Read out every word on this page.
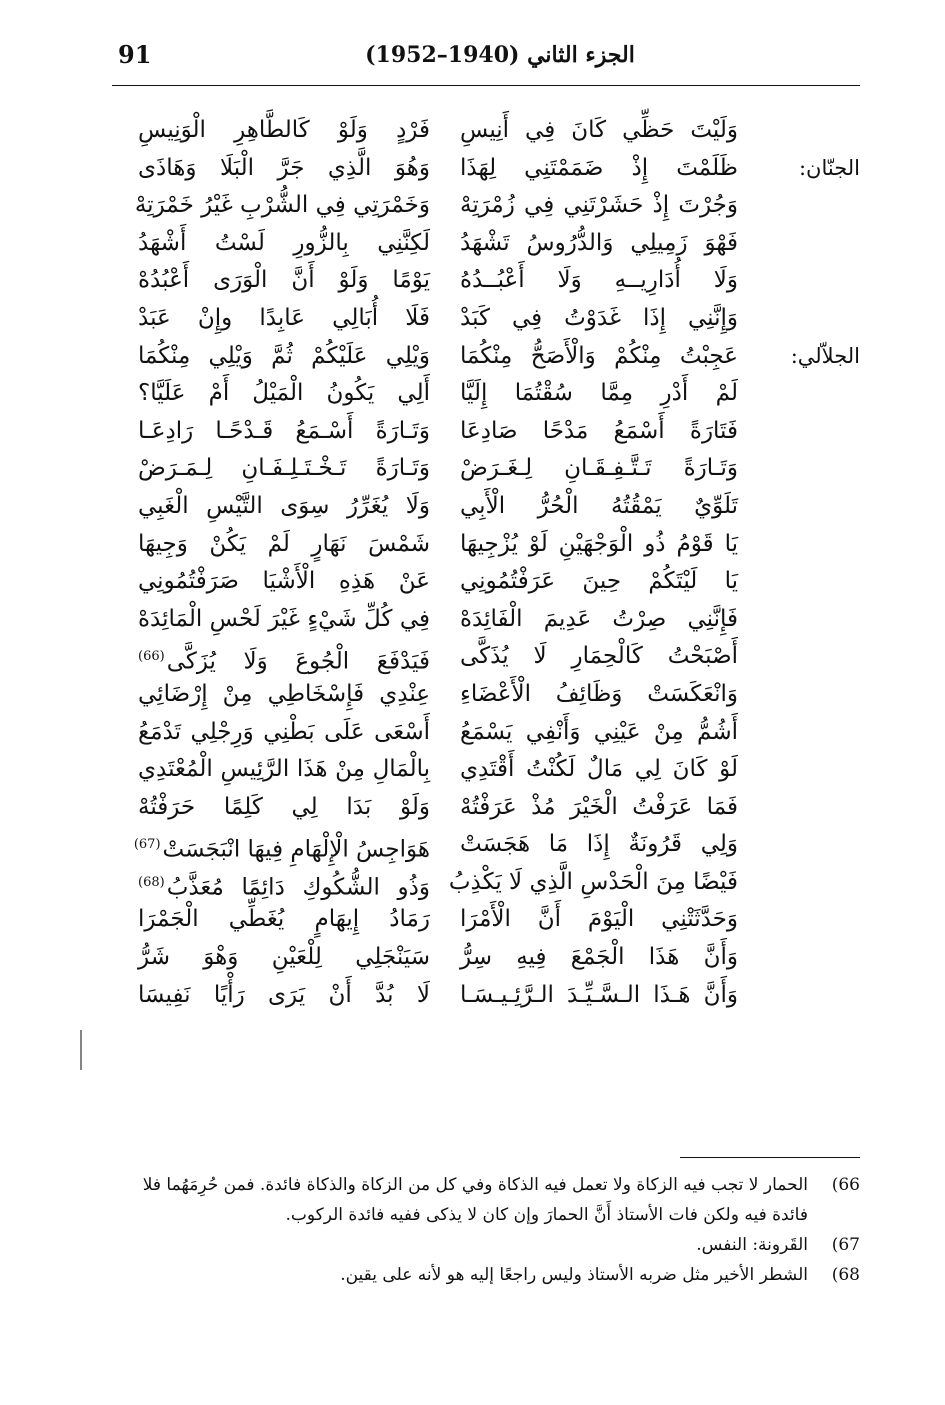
91	الجزء الثاني (1940–1952)
وَلَيْتَ حَظِّي كَانَ فِي أَنِيسِ
فَرْدٍ وَلَوْ كَالطَّاهِرِ الْوَنِيسِ
الجنّان:
ظَلَمْتَ إِذْ ضَمَمْتَنِي لِهَذَا
وَهُوَ الَّذِي جَرَّ الْبَلَا وَهَاذَى
وَجُرْتَ إِذْ حَشَرْتَنِي فِي زُمْرَتِهْ
وَخَمْرَتِي فِي الشُّرْبِ غَيْرُ خَمْرَتِهْ
فَهْوَ زَمِيلِي وَالدُّرُوسُ تَشْهَدُ
لَكِنَّنِي بِالزُّورِ لَسْتُ أَشْهَدُ
وَلَا أُدَارِيــهِ وَلَا أَعْبُــدُهُ
يَوْمًا وَلَوْ أَنَّ الْوَرَى أَعْبُدُهْ
وَإِنَّنِي إِذَا غَدَوْتُ فِي كَبَدْ
فَلَا أُبَالِي عَابِدًا وإِنْ عَبَدْ
الجلاّلي:
عَجِبْتُ مِنْكُمْ وَالْأَصَحُّ مِنْكُمَا
وَيْلِي عَلَيْكُمْ ثُمَّ وَيْلِي مِنْكُمَا
لَمْ أَدْرِ مِمَّا سُقْتُمَا إِلَيَّا
أَلِي يَكُونُ الْمَيْلُ أَمْ عَلَيَّا؟
فَتَارَةً أَسْمَعُ مَدْحًا صَادِعَا
وَتَـارَةً أَسْـمَعُ قَـدْحًـا رَادِعَـا
وَتَـارَةً تَـتَّـفِـقَـانِ لِـغَـرَضْ
وَتَـارَةً تَـخْـتَـلِـفَـانِ لِـمَـرَضْ
تَلَوِّيٌ يَمْقُتُهُ الْحُرُّ الْأَبِي
وَلَا يُغَرِّرُ سِوَى التَّيْسِ الْغَبِي
يَا قَوْمُ ذُو الْوَجْهَيْنِ لَوْ يُزْجِيهَا
شَمْسَ نَهَارٍ لَمْ يَكُنْ وَجِيهَا
يَا لَيْتَكُمْ حِينَ عَرَفْتُمُونِي
عَنْ هَذِهِ الْأَشْيَا صَرَفْتُمُونِي
فَإِنَّنِي صِرْتُ عَدِيمَ الْفَائِدَهْ
فِي كُلِّ شَيْءٍ غَيْرَ لَحْسِ الْمَائِدَهْ
أَصْبَحْتُ كَالْحِمَارِ لَا يُذَكَّى
فَيَدْفَعَ الْجُوعَ وَلَا يُزَكَّى$^{(66)}$
وَانْعَكَسَتْ وَظَائِفُ الْأَعْضَاءِ
عِنْدِي فَإِسْخَاطِي مِنْ إِرْضَائِي
أَشُمُّ مِنْ عَيْنِي وَأَنْفِي يَسْمَعُ
أَسْعَى عَلَى بَطْنِي وَرِجْلِي تَدْمَعُ
لَوْ كَانَ لِي مَالٌ لَكُنْتُ أَقْتَدِي
بِالْمَالِ مِنْ هَذَا الرَّئِيسِ الْمُعْتَدِي
فَمَا عَرَفْتُ الْخَيْرَ مُذْ عَرَفْتُهْ
وَلَوْ بَدَا لِي كَلِمًا حَرَفْتُهْ
وَلِي قَرُونَةٌ إِذَا مَا هَجَسَتْ
هَوَاجِسُ الْإِلْهَامِ فِيهَا انْبَجَسَتْ$^{(67)}$
فَيْضًا مِنَ الْحَدْسِ الَّذِي لَا يَكْذِبُ
وَذُو الشُّكُوكِ دَائِمًا مُعَذَّبُ$^{(68)}$
وَحَدَّثَتْنِي الْيَوْمَ أَنَّ الْأَمْرَا
رَمَادُ إِيهَامٍ يُغَطِّي الْجَمْرَا
وَأَنَّ هَذَا الْجَمْعَ فِيهِ سِرُّ
سَيَنْجَلِي لِلْعَيْنِ وَهْوَ شَرُّ
وَأَنَّ هَـذَا الـسَّـيِّـدَ الـرَّئِـيـسَـا
لَا بُدَّ أَنْ يَرَى رَأْيًا نَفِيسَا
66)
الحمار لا تجب فيه الزكاة ولا تعمل فيه الذكاة وفي كل من الزكاة والذكاة فائدة. فمن حُرِمَهُما فلا فائدة فيه ولكن فات الأستاذ أَنَّ الحمارَ وإن كان لا يذكى ففيه فائدة الركوب.
67)
القَرونة: النفس.
68)
الشطر الأخير مثل ضربه الأستاذ وليس راجعًا إليه هو لأنه على يقين.
